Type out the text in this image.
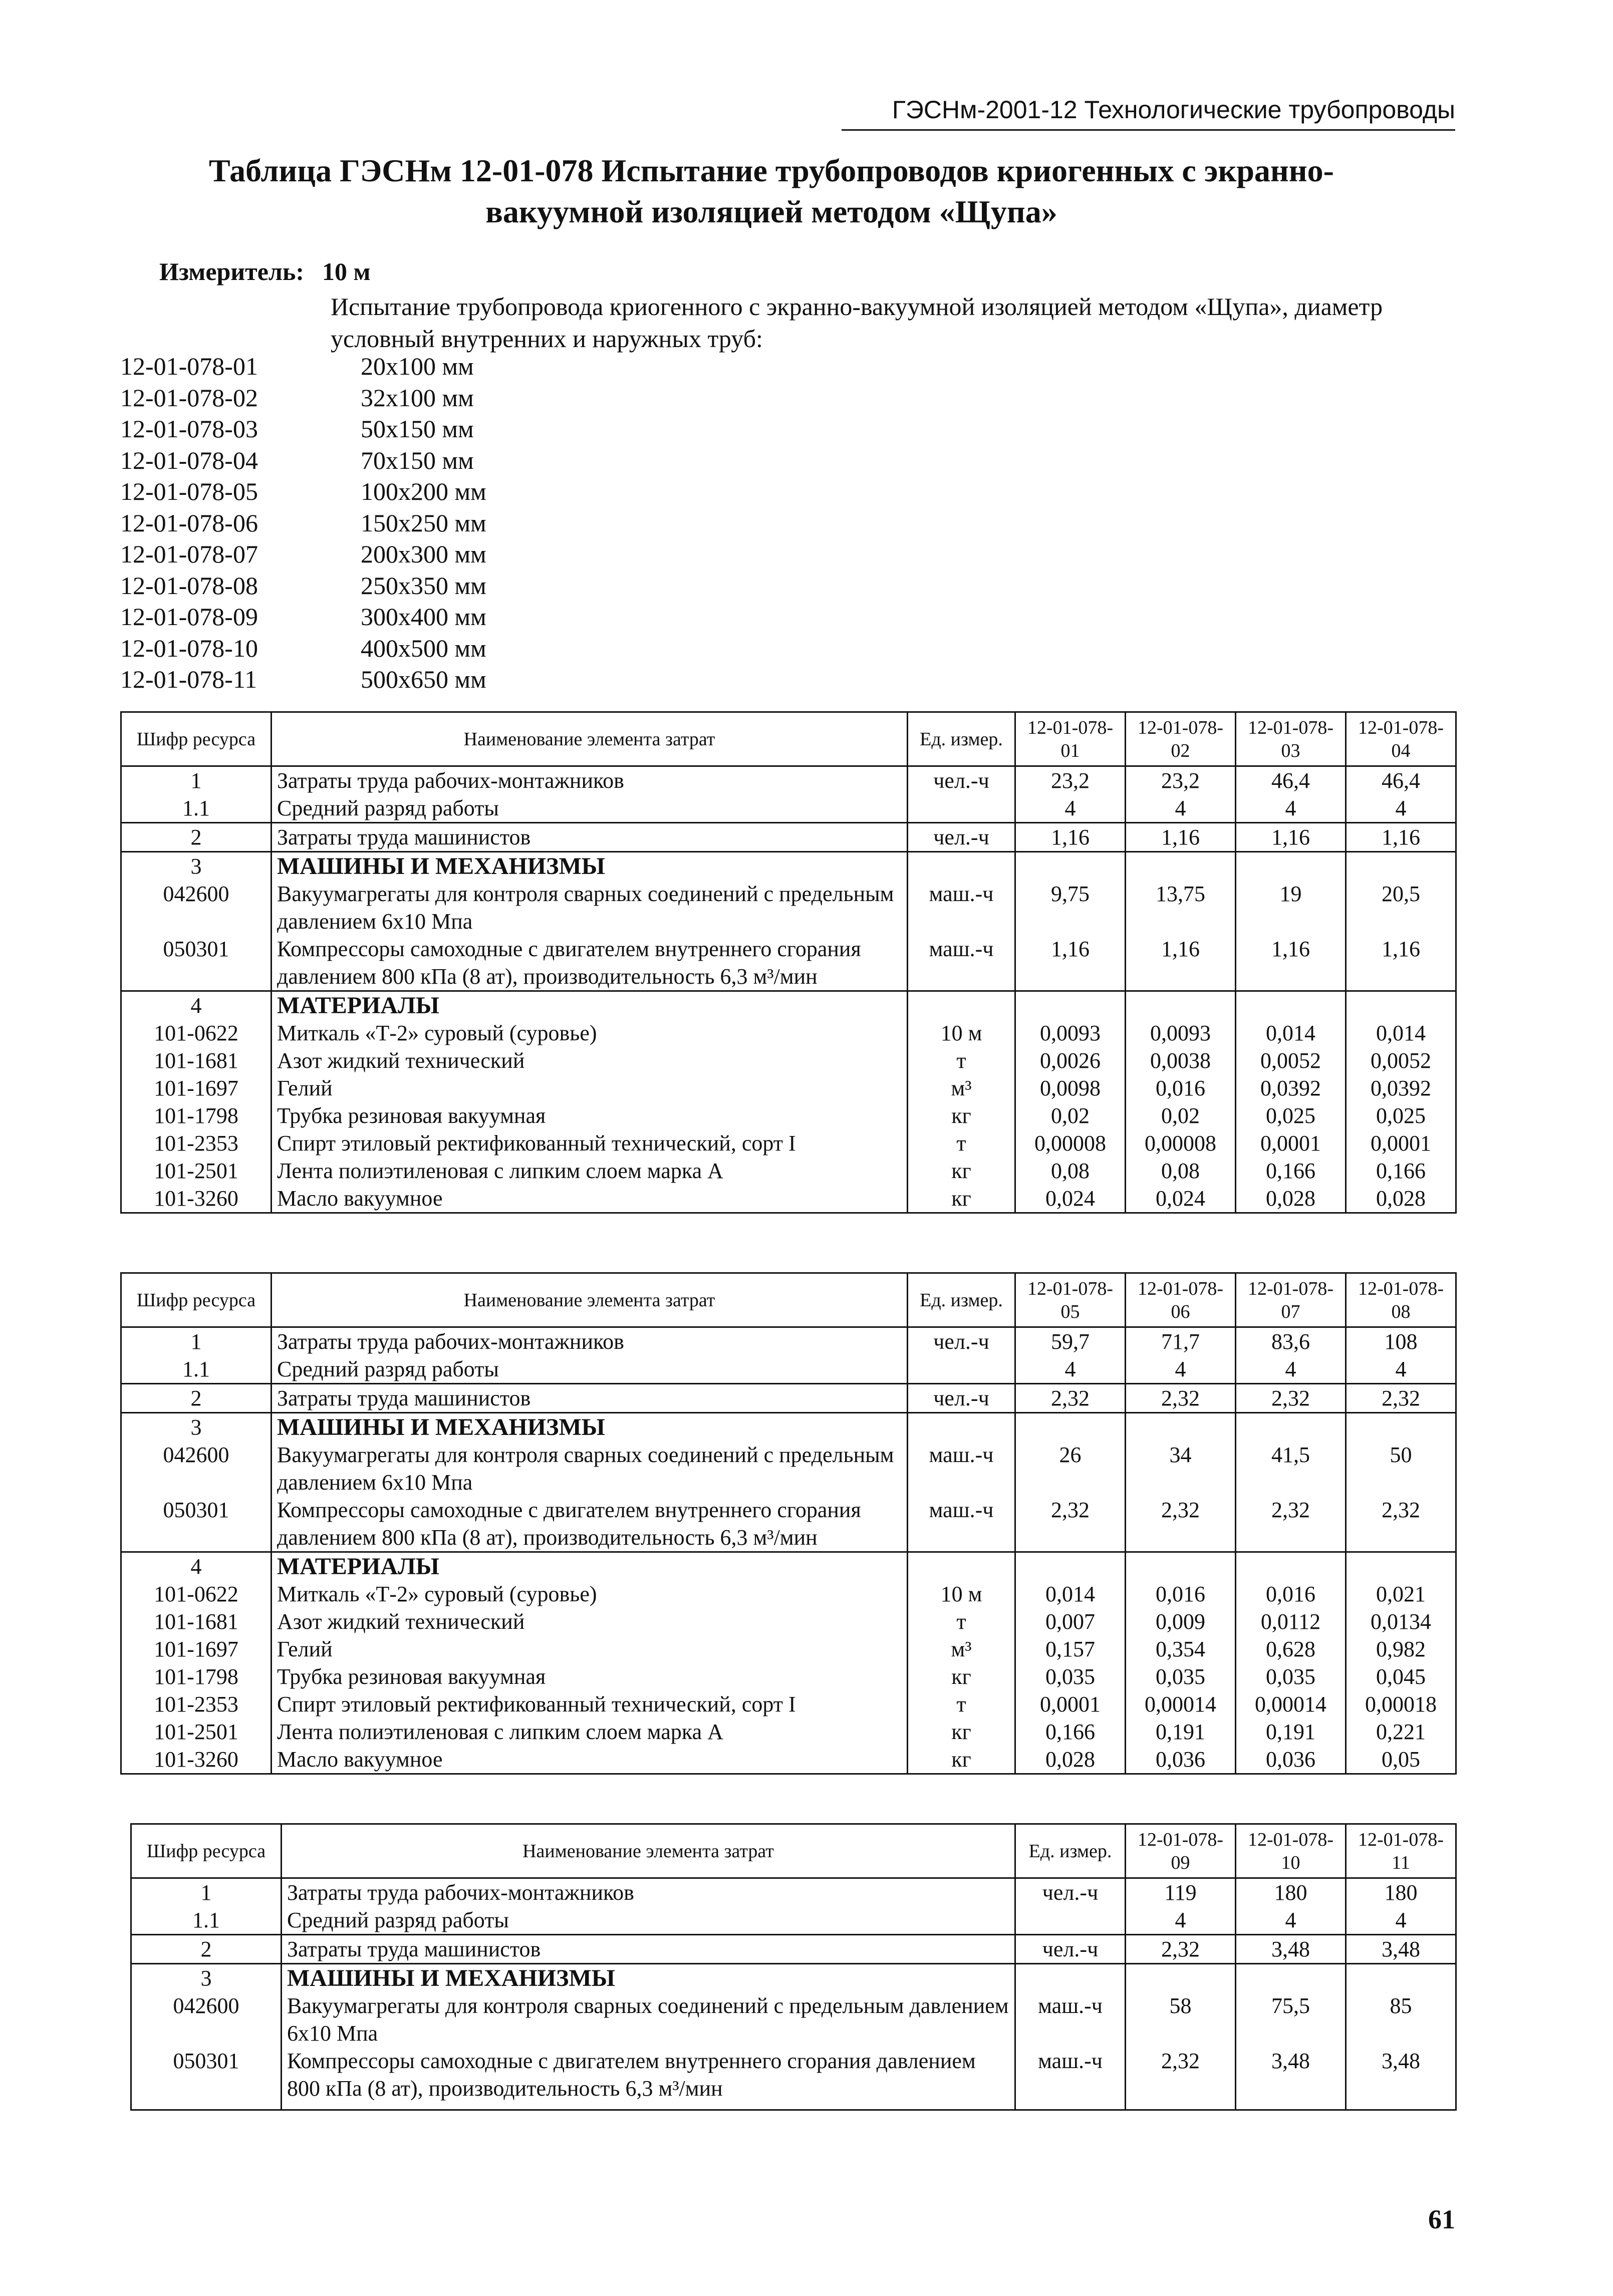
ГЭСНм-2001-12 Технологические трубопроводы
Таблица ГЭСНм 12-01-078 Испытание трубопроводов криогенных с экранно-
вакуумной изоляцией методом «Щупа»
Измеритель: 10 м
Испытание трубопровода криогенного с экранно-вакуумной изоляцией методом «Щупа», диаметр условный внутренних и наружных труб:
12-01-078-01	20x100 мм
12-01-078-02	32x100 мм
12-01-078-03	50x150 мм
12-01-078-04	70x150 мм
12-01-078-05	100x200 мм
12-01-078-06	150x250 мм
12-01-078-07	200x300 мм
12-01-078-08	250x350 мм
12-01-078-09	300x400 мм
12-01-078-10	400x500 мм
12-01-078-11	500x650 мм
Шифр ресурса	Наименование элемента затрат	Ед. измер.	12-01-078-01	12-01-078-02	12-01-078-03	12-01-078-04
1	Затраты труда рабочих-монтажников	чел.-ч	23,2	23,2	46,4	46,4
1.1	Средний разряд работы		4	4	4	4
2	Затраты труда машинистов	чел.-ч	1,16	1,16	1,16	1,16
3	МАШИНЫ И МЕХАНИЗМЫ					
042600	Вакуумагрегаты для контроля сварных соединений с предельным давлением 6x10 Мпа	маш.-ч	9,75	13,75	19	20,5
050301	Компрессоры самоходные с двигателем внутреннего сгорания давлением 800 кПа (8 ат), производительность 6,3 м³/мин	маш.-ч	1,16	1,16	1,16	1,16
4	МАТЕРИАЛЫ					
101-0622	Миткаль «Т-2» суровый (суровье)	10 м	0,0093	0,0093	0,014	0,014
101-1681	Азот жидкий технический	т	0,0026	0,0038	0,0052	0,0052
101-1697	Гелий	м³	0,0098	0,016	0,0392	0,0392
101-1798	Трубка резиновая вакуумная	кг	0,02	0,02	0,025	0,025
101-2353	Спирт этиловый ректификованный технический, сорт I	т	0,00008	0,00008	0,0001	0,0001
101-2501	Лента полиэтиленовая с липким слоем марка А	кг	0,08	0,08	0,166	0,166
101-3260	Масло вакуумное	кг	0,024	0,024	0,028	0,028
Шифр ресурса	Наименование элемента затрат	Ед. измер.	12-01-078-05	12-01-078-06	12-01-078-07	12-01-078-08
1	Затраты труда рабочих-монтажников	чел.-ч	59,7	71,7	83,6	108
1.1	Средний разряд работы		4	4	4	4
2	Затраты труда машинистов	чел.-ч	2,32	2,32	2,32	2,32
3	МАШИНЫ И МЕХАНИЗМЫ					
042600	Вакуумагрегаты для контроля сварных соединений с предельным давлением 6x10 Мпа	маш.-ч	26	34	41,5	50
050301	Компрессоры самоходные с двигателем внутреннего сгорания давлением 800 кПа (8 ат), производительность 6,3 м³/мин	маш.-ч	2,32	2,32	2,32	2,32
4	МАТЕРИАЛЫ					
101-0622	Миткаль «Т-2» суровый (суровье)	10 м	0,014	0,016	0,016	0,021
101-1681	Азот жидкий технический	т	0,007	0,009	0,0112	0,0134
101-1697	Гелий	м³	0,157	0,354	0,628	0,982
101-1798	Трубка резиновая вакуумная	кг	0,035	0,035	0,035	0,045
101-2353	Спирт этиловый ректификованный технический, сорт I	т	0,0001	0,00014	0,00014	0,00018
101-2501	Лента полиэтиленовая с липким слоем марка А	кг	0,166	0,191	0,191	0,221
101-3260	Масло вакуумное	кг	0,028	0,036	0,036	0,05
Шифр ресурса	Наименование элемента затрат	Ед. измер.	12-01-078-09	12-01-078-10	12-01-078-11
1	Затраты труда рабочих-монтажников	чел.-ч	119	180	180
1.1	Средний разряд работы		4	4	4
2	Затраты труда машинистов	чел.-ч	2,32	3,48	3,48
3	МАШИНЫ И МЕХАНИЗМЫ				
042600	Вакуумагрегаты для контроля сварных соединений с предельным давлением 6x10 Мпа	маш.-ч	58	75,5	85
050301	Компрессоры самоходные с двигателем внутреннего сгорания давлением 800 кПа (8 ат), производительность 6,3 м³/мин	маш.-ч	2,32	3,48	3,48
61
